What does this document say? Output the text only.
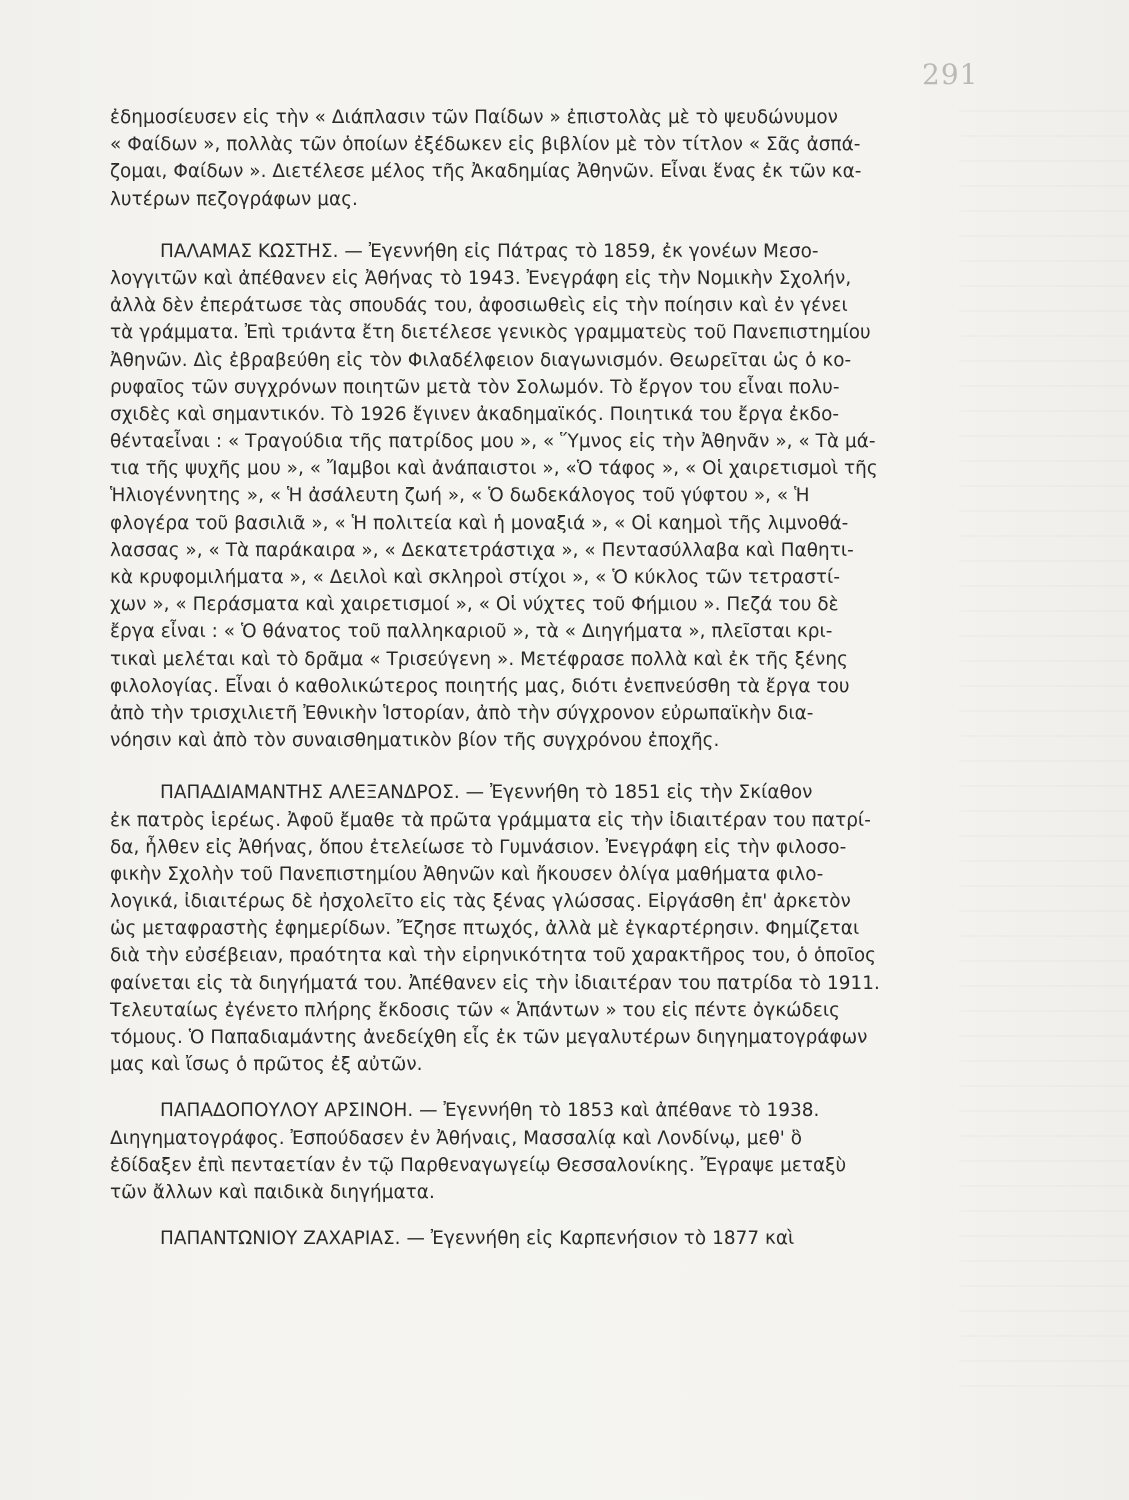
291
ἐδημοσίευσεν εἰς τὴν « Διάπλασιν τῶν Παίδων » ἐπιστολὰς μὲ τὸ ψευδώνυμον
« Φαίδων », πολλὰς τῶν ὁποίων ἐξέδωκεν εἰς βιβλίον μὲ τὸν τίτλον « Σᾶς ἀσπά-
ζομαι, Φαίδων ». Διετέλεσε μέλος τῆς Ἀκαδημίας Ἀθηνῶν. Εἶναι ἕνας ἐκ τῶν κα-
λυτέρων πεζογράφων μας.
ΠΑΛΑΜΑΣ ΚΩΣΤΗΣ. — Ἐγεννήθη εἰς Πάτρας τὸ 1859, ἐκ γονέων Μεσο-
λογγιτῶν καὶ ἀπέθανεν εἰς Ἀθήνας τὸ 1943. Ἐνεγράφη εἰς τὴν Νομικὴν Σχολήν,
ἀλλὰ δὲν ἐπεράτωσε τὰς σπουδάς του, ἀφοσιωθεὶς εἰς τὴν ποίησιν καὶ ἐν γένει
τὰ γράμματα. Ἐπὶ τριάντα ἔτη διετέλεσε γενικὸς γραμματεὺς τοῦ Πανεπιστημίου
Ἀθηνῶν. Δὶς ἐβραβεύθη εἰς τὸν Φιλαδέλφειον διαγωνισμόν. Θεωρεῖται ὡς ὁ κο-
ρυφαῖος τῶν συγχρόνων ποιητῶν μετὰ τὸν Σολωμόν. Τὸ ἔργον του εἶναι πολυ-
σχιδὲς καὶ σημαντικόν. Τὸ 1926 ἔγινεν ἀκαδημαϊκός. Ποιητικά του ἔργα ἐκδο-
θένταεἶναι : « Τραγούδια τῆς πατρίδος μου », « Ὕμνος εἰς τὴν Ἀθηνᾶν », « Τὰ μά-
τια τῆς ψυχῆς μου », « Ἴαμβοι καὶ ἀνάπαιστοι », «Ὁ τάφος », « Οἱ χαιρετισμοὶ τῆς
Ἡλιογέννητης », « Ἡ ἀσάλευτη ζωή », « Ὁ δωδεκάλογος τοῦ γύφτου », « Ἡ
φλογέρα τοῦ βασιλιᾶ », « Ἡ πολιτεία καὶ ἡ μοναξιά », « Οἱ καημοὶ τῆς λιμνοθά-
λασσας », « Τὰ παράκαιρα », « Δεκατετράστιχα », « Πεντασύλλαβα καὶ Παθητι-
κὰ κρυφομιλήματα », « Δειλοὶ καὶ σκληροὶ στίχοι », « Ὁ κύκλος τῶν τετραστί-
χων », « Περάσματα καὶ χαιρετισμοί », « Οἱ νύχτες τοῦ Φήμιου ». Πεζά του δὲ
ἔργα εἶναι : « Ὁ θάνατος τοῦ παλληκαριοῦ », τὰ « Διηγήματα », πλεῖσται κρι-
τικαὶ μελέται καὶ τὸ δρᾶμα « Τρισεύγενη ». Μετέφρασε πολλὰ καὶ ἐκ τῆς ξένης
φιλολογίας. Εἶναι ὁ καθολικώτερος ποιητής μας, διότι ἐνεπνεύσθη τὰ ἔργα του
ἀπὸ τὴν τρισχιλιετῆ Ἐθνικὴν Ἱστορίαν, ἀπὸ τὴν σύγχρονον εὐρωπαϊκὴν δια-
νόησιν καὶ ἀπὸ τὸν συναισθηματικὸν βίον τῆς συγχρόνου ἐποχῆς.
ΠΑΠΑΔΙΑΜΑΝΤΗΣ ΑΛΕΞΑΝΔΡΟΣ. — Ἐγεννήθη τὸ 1851 εἰς τὴν Σκίαθον
ἐκ πατρὸς ἱερέως. Ἀφοῦ ἔμαθε τὰ πρῶτα γράμματα εἰς τὴν ἰδιαιτέραν του πατρί-
δα, ἦλθεν εἰς Ἀθήνας, ὅπου ἐτελείωσε τὸ Γυμνάσιον. Ἐνεγράφη εἰς τὴν φιλοσο-
φικὴν Σχολὴν τοῦ Πανεπιστημίου Ἀθηνῶν καὶ ἤκουσεν ὀλίγα μαθήματα φιλο-
λογικά, ἰδιαιτέρως δὲ ἠσχολεῖτο εἰς τὰς ξένας γλώσσας. Εἰργάσθη ἐπ' ἀρκετὸν
ὡς μεταφραστὴς ἐφημερίδων. Ἔζησε πτωχός, ἀλλὰ μὲ ἐγκαρτέρησιν. Φημίζεται
διὰ τὴν εὐσέβειαν, πραότητα καὶ τὴν εἰρηνικότητα τοῦ χαρακτῆρος του, ὁ ὁποῖος
φαίνεται εἰς τὰ διηγήματά του. Ἀπέθανεν εἰς τὴν ἰδιαιτέραν του πατρίδα τὸ 1911.
Τελευταίως ἐγένετο πλήρης ἔκδοσις τῶν « Ἁπάντων » του εἰς πέντε ὀγκώδεις
τόμους. Ὁ Παπαδιαμάντης ἀνεδείχθη εἷς ἐκ τῶν μεγαλυτέρων διηγηματογράφων
μας καὶ ἴσως ὁ πρῶτος ἐξ αὐτῶν.
ΠΑΠΑΔΟΠΟΥΛΟΥ ΑΡΣΙΝΟΗ. — Ἐγεννήθη τὸ 1853 καὶ ἀπέθανε τὸ 1938.
Διηγηματογράφος. Ἐσπούδασεν ἐν Ἀθήναις, Μασσαλίᾳ καὶ Λονδίνῳ, μεθ' ὃ
ἐδίδαξεν ἐπὶ πενταετίαν ἐν τῷ Παρθεναγωγείῳ Θεσσαλονίκης. Ἔγραψε μεταξὺ
τῶν ἄλλων καὶ παιδικὰ διηγήματα.
ΠΑΠΑΝΤΩΝΙΟΥ ΖΑΧΑΡΙΑΣ. — Ἐγεννήθη εἰς Καρπενήσιον τὸ 1877 καὶ
